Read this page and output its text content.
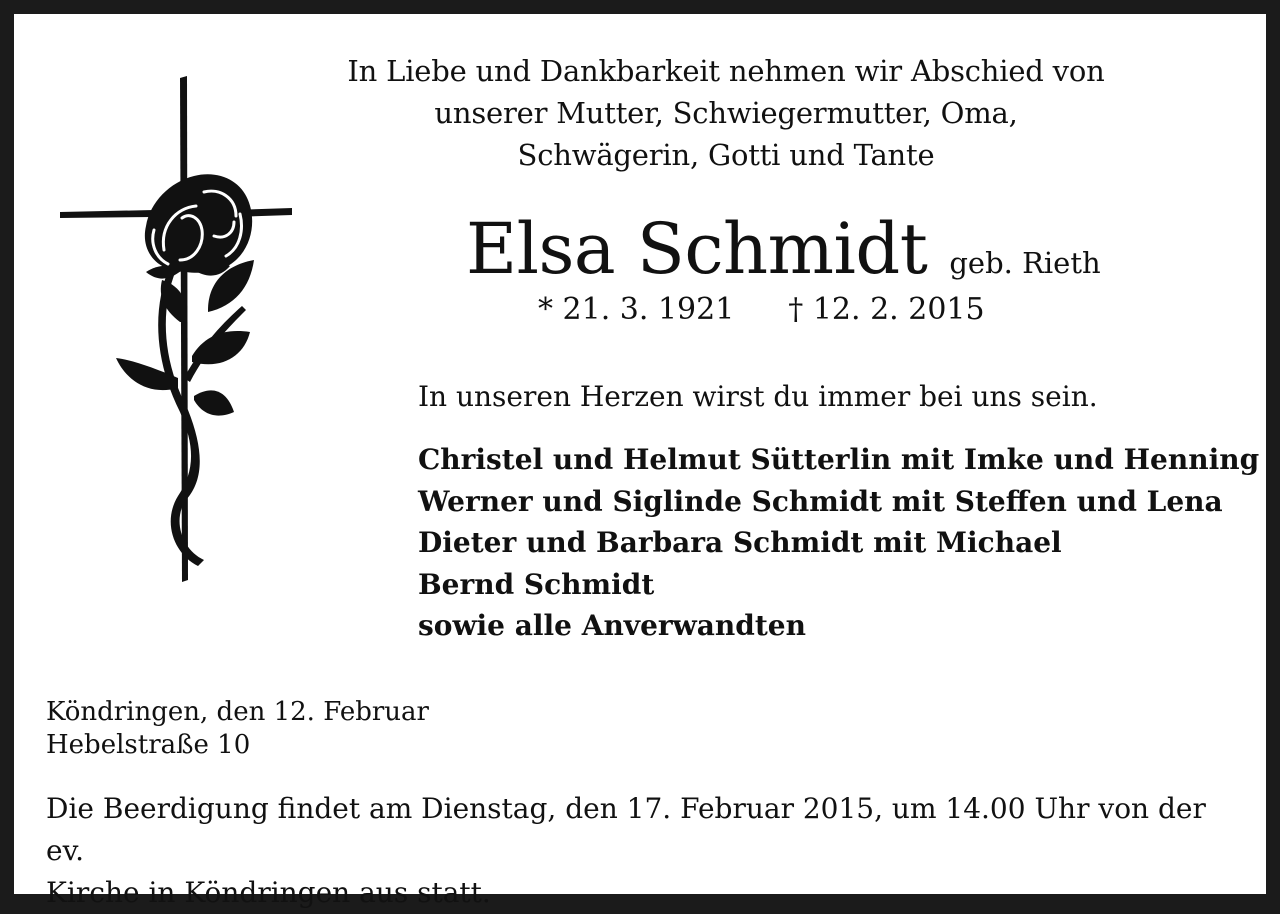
In Liebe und Dankbarkeit nehmen wir Abschied von
unserer Mutter, Schwiegermutter, Oma,
Schwägerin, Gotti und Tante
Elsa Schmidt geb. Rieth
* 21. 3. 1921 † 12. 2. 2015
In unseren Herzen wirst du immer bei uns sein.
Christel und Helmut Sütterlin mit Imke und Henning
Werner und Siglinde Schmidt mit Steffen und Lena
Dieter und Barbara Schmidt mit Michael
Bernd Schmidt
sowie alle Anverwandten
Köndringen, den 12. Februar
Hebelstraße 10
Die Beerdigung findet am Dienstag, den 17. Februar 2015, um 14.00 Uhr von der ev.
Kirche in Köndringen aus statt.
